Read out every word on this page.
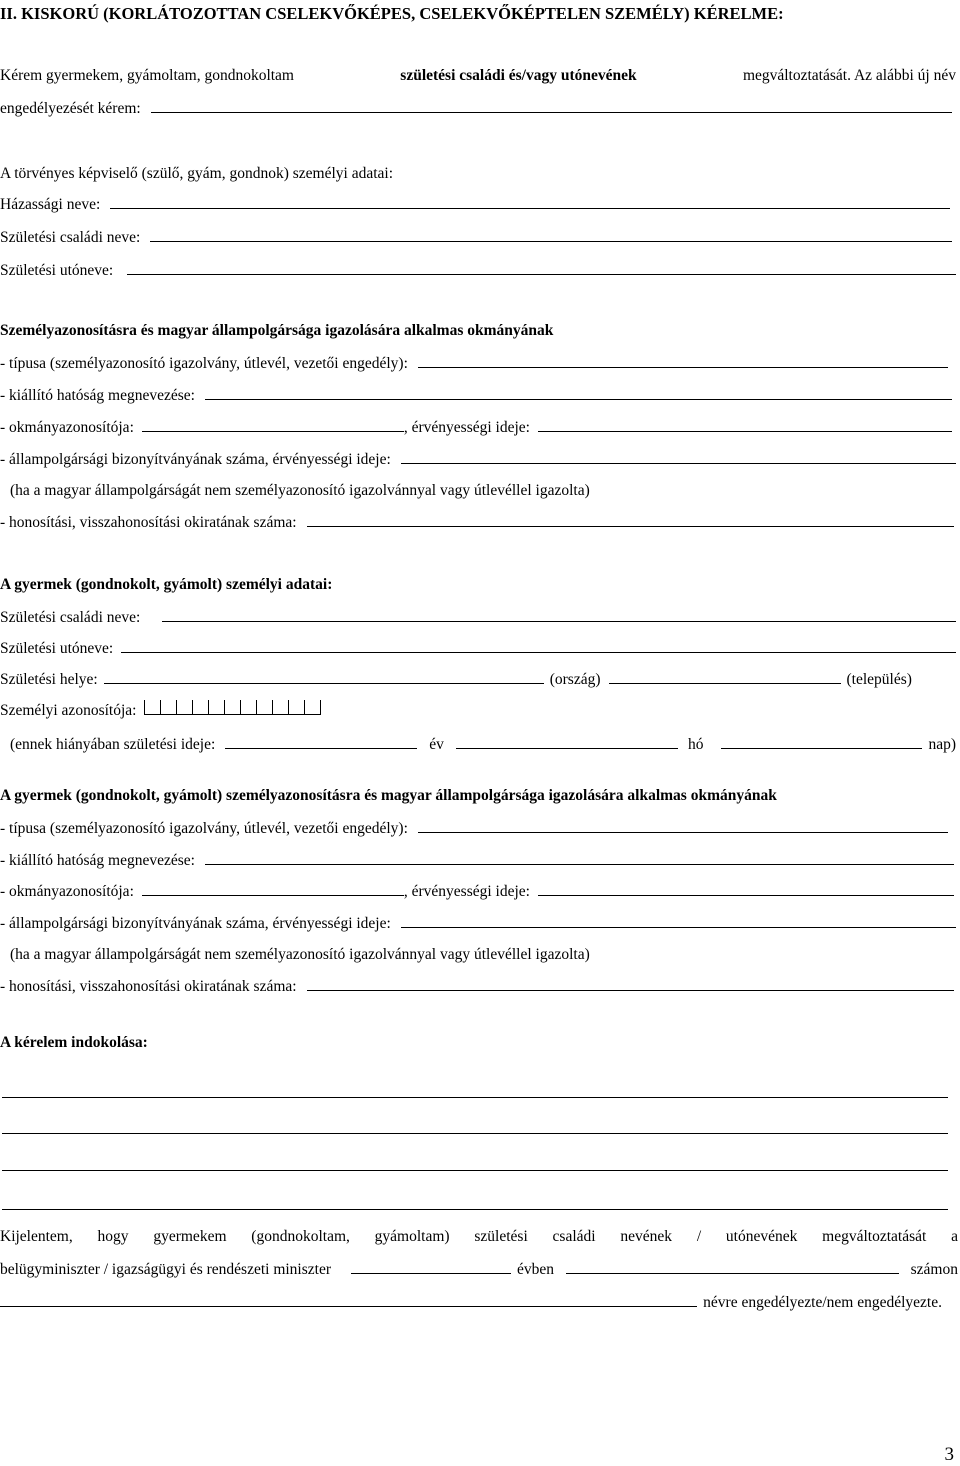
II. KISKORÚ (KORLÁTOZOTTAN CSELEKVŐKÉPES, CSELEKVŐKÉPTELEN SZEMÉLY) KÉRELME:
Kérem gyermekem, gyámoltam, gondnokoltam	születési családi és/vagy utónevének	megváltoztatását. Az alábbi új név
engedélyezését kérem:
A törvényes képviselő (szülő, gyám, gondnok) személyi adatai:
Házassági neve:
Születési családi neve:
Születési utóneve:
Személyazonosításra és magyar állampolgársága igazolására alkalmas okmányának
- típusa (személyazonosító igazolvány, útlevél, vezetői engedély):
- kiállító hatóság megnevezése:
- okmányazonosítója:	, érvényességi ideje:
- állampolgársági bizonyítványának száma, érvényességi ideje:
(ha a magyar állampolgárságát nem személyazonosító igazolvánnyal vagy útlevéllel igazolta)
- honosítási, visszahonosítási okiratának száma:
A gyermek (gondnokolt, gyámolt) személyi adatai:
Születési családi neve:
Születési utóneve:
Születési helye:	(ország)	(település)
Személyi azonosítója:
(ennek hiányában születési ideje:	év	hó	nap)
A gyermek (gondnokolt, gyámolt) személyazonosításra és magyar állampolgársága igazolására alkalmas okmányának
- típusa (személyazonosító igazolvány, útlevél, vezetői engedély):
- kiállító hatóság megnevezése:
- okmányazonosítója:	, érvényességi ideje:
- állampolgársági bizonyítványának száma, érvényességi ideje:
(ha a magyar állampolgárságát nem személyazonosító igazolvánnyal vagy útlevéllel igazolta)
- honosítási, visszahonosítási okiratának száma:
A kérelem indokolása:
Kijelentem, hogy gyermekem (gondnokoltam, gyámoltam) születési családi nevének / utónevének megváltoztatását a
belügyminiszter / igazságügyi és rendészeti miniszter	évben	számon
névre engedélyezte/nem engedélyezte.
3
